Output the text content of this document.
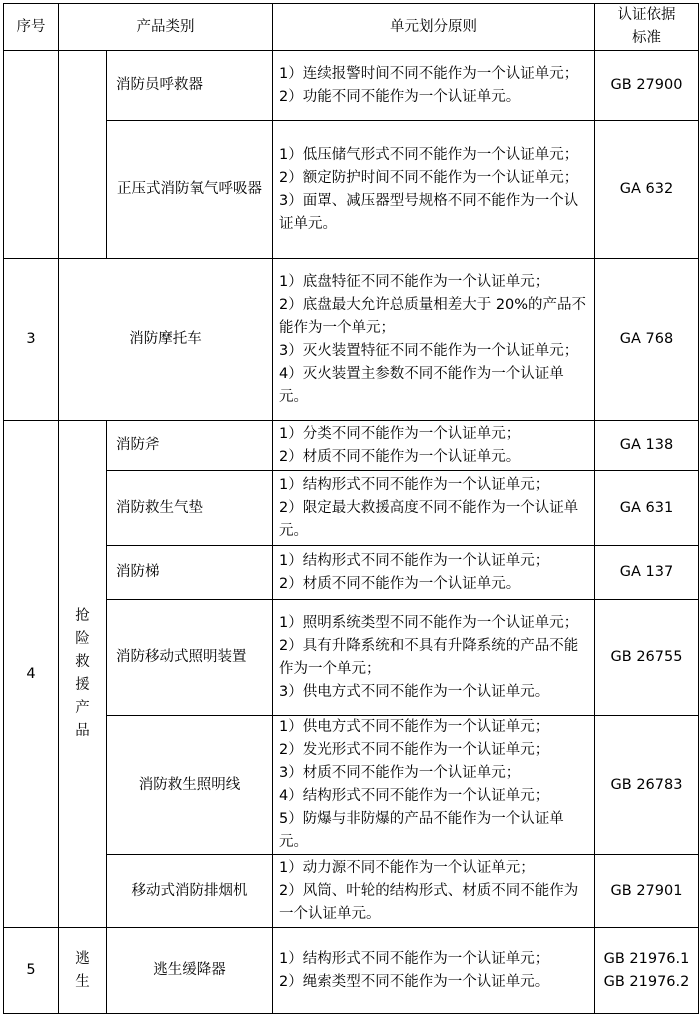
序号	产品类别		单元划分原则	认证依据
标准

		消防员呼救器	1）连续报警时间不同不能作为一个认证单元；
2）功能不同不能作为一个认证单元。	GB 27900

		正压式消防氧气呼吸器	1）低压储气形式不同不能作为一个认证单元；
2）额定防护时间不同不能作为一个认证单元；
3）面罩、减压器型号规格不同不能作为一个认证单元。	GA 632

3	消防摩托车		1）底盘特征不同不能作为一个认证单元；
2）底盘最大允许总质量相差大于 20%的产品不能作为一个单元；
3）灭火装置特征不同不能作为一个认证单元；
4）灭火装置主参数不同不能作为一个认证单元。	GA 768

4	抢险救援产品	消防斧	1）分类不同不能作为一个认证单元；
2）材质不同不能作为一个认证单元。	GA 138

		消防救生气垫	1）结构形式不同不能作为一个认证单元；
2）限定最大救援高度不同不能作为一个认证单元。	GA 631

		消防梯	1）结构形式不同不能作为一个认证单元；
2）材质不同不能作为一个认证单元。	GA 137

		消防移动式照明装置	1）照明系统类型不同不能作为一个认证单元；
2）具有升降系统和不具有升降系统的产品不能作为一个单元；
3）供电方式不同不能作为一个认证单元。	GB 26755

		消防救生照明线	1）供电方式不同不能作为一个认证单元；
2）发光形式不同不能作为一个认证单元；
3）材质不同不能作为一个认证单元；
4）结构形式不同不能作为一个认证单元；
5）防爆与非防爆的产品不能作为一个认证单元。	GB 26783

		移动式消防排烟机	1）动力源不同不能作为一个认证单元；
2）风筒、叶轮的结构形式、材质不同不能作为一个认证单元。	GB 27901

5	逃生	逃生缓降器	1）结构形式不同不能作为一个认证单元；
2）绳索类型不同不能作为一个认证单元。	GB 21976.1
GB 21976.2
